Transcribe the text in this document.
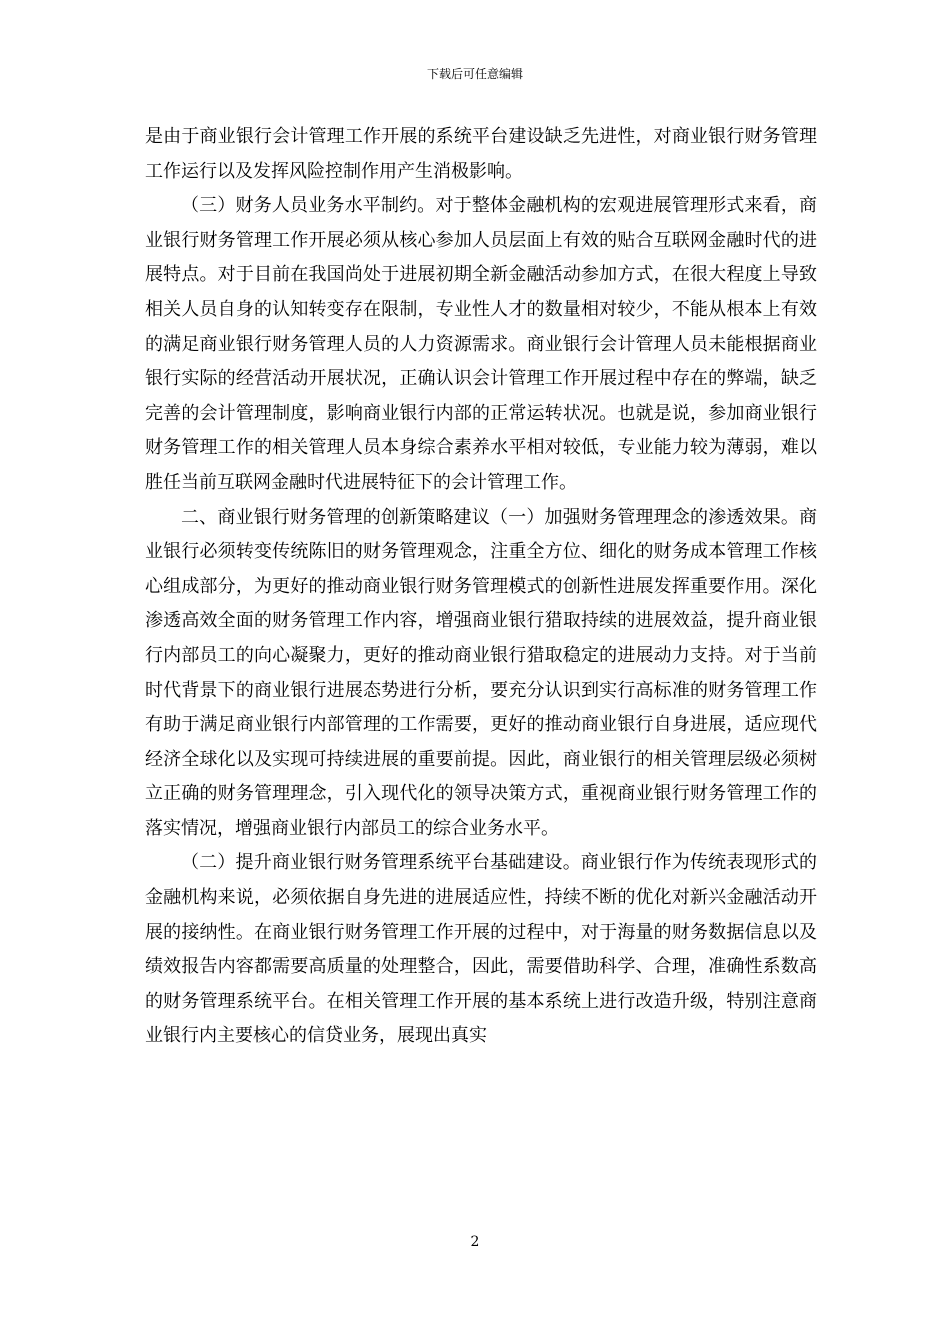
下载后可任意编辑

是由于商业银行会计管理工作开展的系统平台建设缺乏先进性，对商业银行财务管理工作运行以及发挥风险控制作用产生消极影响。

（三）财务人员业务水平制约。对于整体金融机构的宏观进展管理形式来看，商业银行财务管理工作开展必须从核心参加人员层面上有效的贴合互联网金融时代的进展特点。对于目前在我国尚处于进展初期全新金融活动参加方式，在很大程度上导致相关人员自身的认知转变存在限制，专业性人才的数量相对较少，不能从根本上有效的满足商业银行财务管理人员的人力资源需求。商业银行会计管理人员未能根据商业银行实际的经营活动开展状况，正确认识会计管理工作开展过程中存在的弊端，缺乏完善的会计管理制度，影响商业银行内部的正常运转状况。也就是说，参加商业银行财务管理工作的相关管理人员本身综合素养水平相对较低，专业能力较为薄弱，难以胜任当前互联网金融时代进展特征下的会计管理工作。

二、商业银行财务管理的创新策略建议（一）加强财务管理理念的渗透效果。商业银行必须转变传统陈旧的财务管理观念，注重全方位、细化的财务成本管理工作核心组成部分，为更好的推动商业银行财务管理模式的创新性进展发挥重要作用。深化渗透高效全面的财务管理工作内容，增强商业银行猎取持续的进展效益，提升商业银行内部员工的向心凝聚力，更好的推动商业银行猎取稳定的进展动力支持。对于当前时代背景下的商业银行进展态势进行分析，要充分认识到实行高标准的财务管理工作有助于满足商业银行内部管理的工作需要，更好的推动商业银行自身进展，适应现代经济全球化以及实现可持续进展的重要前提。因此，商业银行的相关管理层级必须树立正确的财务管理理念，引入现代化的领导决策方式，重视商业银行财务管理工作的落实情况，增强商业银行内部员工的综合业务水平。

（二）提升商业银行财务管理系统平台基础建设。商业银行作为传统表现形式的金融机构来说，必须依据自身先进的进展适应性，持续不断的优化对新兴金融活动开展的接纳性。在商业银行财务管理工作开展的过程中，对于海量的财务数据信息以及绩效报告内容都需要高质量的处理整合，因此，需要借助科学、合理，准确性系数高的财务管理系统平台。在相关管理工作开展的基本系统上进行改造升级，特别注意商业银行内主要核心的信贷业务，展现出真实

2
